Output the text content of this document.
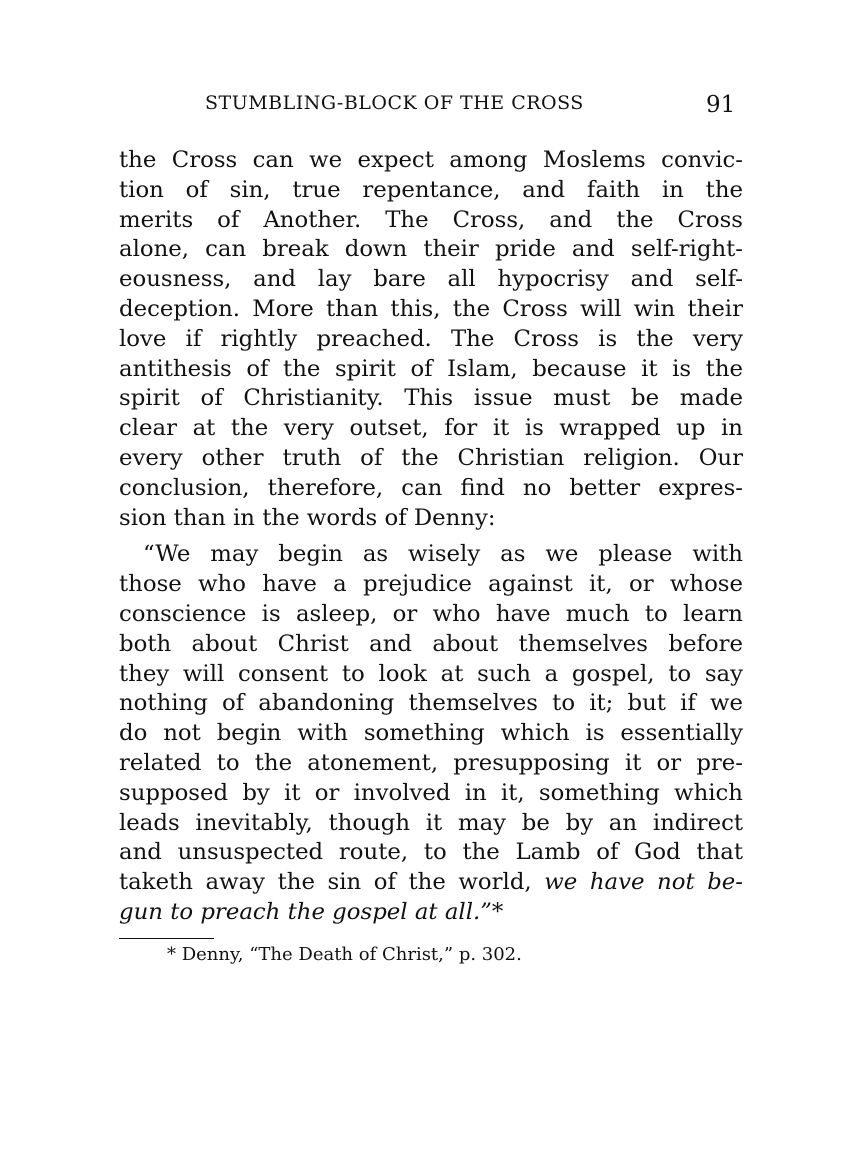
STUMBLING-BLOCK OF THE CROSS	91
the Cross can we expect among Moslems convic-
tion of sin, true repentance, and faith in the
merits of Another. The Cross, and the Cross
alone, can break down their pride and self-right-
eousness, and lay bare all hypocrisy and self-
deception. More than this, the Cross will win their
love if rightly preached. The Cross is the very
antithesis of the spirit of Islam, because it is the
spirit of Christianity. This issue must be made
clear at the very outset, for it is wrapped up in
every other truth of the Christian religion. Our
conclusion, therefore, can find no better expres-
sion than in the words of Denny:
“We may begin as wisely as we please with
those who have a prejudice against it, or whose
conscience is asleep, or who have much to learn
both about Christ and about themselves before
they will consent to look at such a gospel, to say
nothing of abandoning themselves to it; but if we
do not begin with something which is essentially
related to the atonement, presupposing it or pre-
supposed by it or involved in it, something which
leads inevitably, though it may be by an indirect
and unsuspected route, to the Lamb of God that
taketh away the sin of the world, we have not be-
gun to preach the gospel at all.”*
* Denny, “The Death of Christ,” p. 302.
